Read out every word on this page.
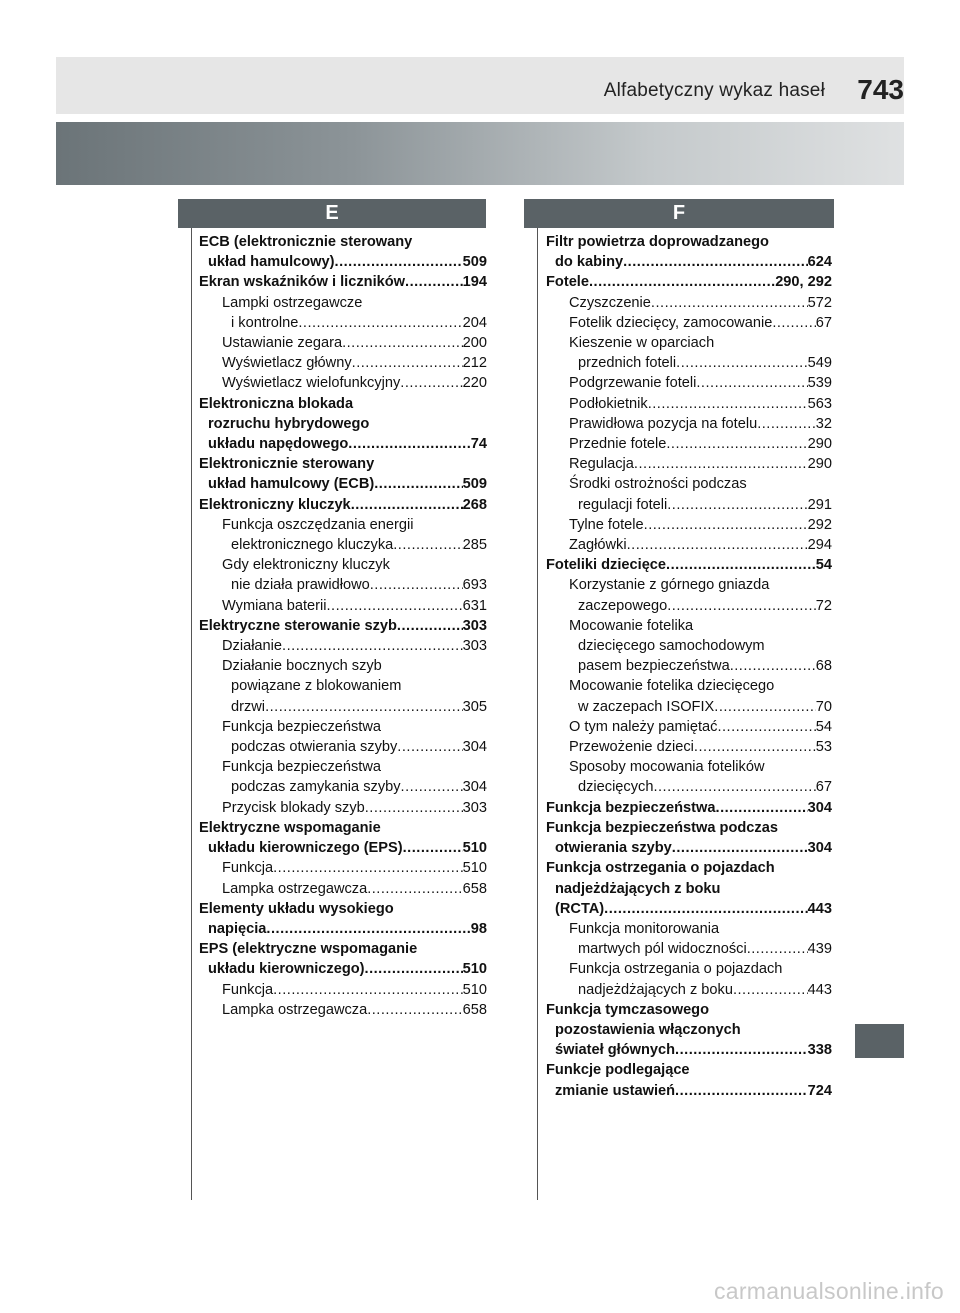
Alfabetyczny wykaz haseł 743
E	F
ECB (elektronicznie sterowany
układ hamulcowy) .....	509
Ekran wskaźników i liczników .....	194
Lampki ostrzegawcze
i kontrolne .....	204
Ustawianie zegara .....	200
Wyświetlacz główny .....	212
Wyświetlacz wielofunkcyjny .....	220
Elektroniczna blokada
rozruchu hybrydowego
układu napędowego .....	74
Elektronicznie sterowany
układ hamulcowy (ECB) .....	509
Elektroniczny kluczyk .....	268
Funkcja oszczędzania energii
elektronicznego kluczyka .....	285
Gdy elektroniczny kluczyk
nie działa prawidłowo .....	693
Wymiana baterii .....	631
Elektryczne sterowanie szyb .....	303
Działanie .....	303
Działanie bocznych szyb
powiązane z blokowaniem
drzwi .....	305
Funkcja bezpieczeństwa
podczas otwierania szyby .....	304
Funkcja bezpieczeństwa
podczas zamykania szyby .....	304
Przycisk blokady szyb .....	303
Elektryczne wspomaganie
układu kierowniczego (EPS) .....	510
Funkcja .....	510
Lampka ostrzegawcza .....	658
Elementy układu wysokiego
napięcia .....	98
EPS (elektryczne wspomaganie
układu kierowniczego) .....	510
Funkcja .....	510
Lampka ostrzegawcza .....	658
Filtr powietrza doprowadzanego
do kabiny .....	624
Fotele .....	290, 292
Czyszczenie .....	572
Fotelik dziecięcy, zamocowanie .....	67
Kieszenie w oparciach
przednich foteli .....	549
Podgrzewanie foteli .....	539
Podłokietnik .....	563
Prawidłowa pozycja na fotelu .....	32
Przednie fotele .....	290
Regulacja .....	290
Środki ostrożności podczas
regulacji foteli .....	291
Tylne fotele .....	292
Zagłówki .....	294
Foteliki dziecięce .....	54
Korzystanie z górnego gniazda
zaczepowego .....	72
Mocowanie fotelika
dziecięcego samochodowym
pasem bezpieczeństwa .....	68
Mocowanie fotelika dziecięcego
w zaczepach ISOFIX .....	70
O tym należy pamiętać .....	54
Przewożenie dzieci .....	53
Sposoby mocowania fotelików
dziecięcych .....	67
Funkcja bezpieczeństwa .....	304
Funkcja bezpieczeństwa podczas
otwierania szyby .....	304
Funkcja ostrzegania o pojazdach
nadjeżdżających z boku
(RCTA) .....	443
Funkcja monitorowania
martwych pól widoczności .....	439
Funkcja ostrzegania o pojazdach
nadjeżdżających z boku .....	443
Funkcja tymczasowego
pozostawienia włączonych
świateł głównych .....	338
Funkcje podlegające
zmianie ustawień .....	724
carmanualsonline.info
